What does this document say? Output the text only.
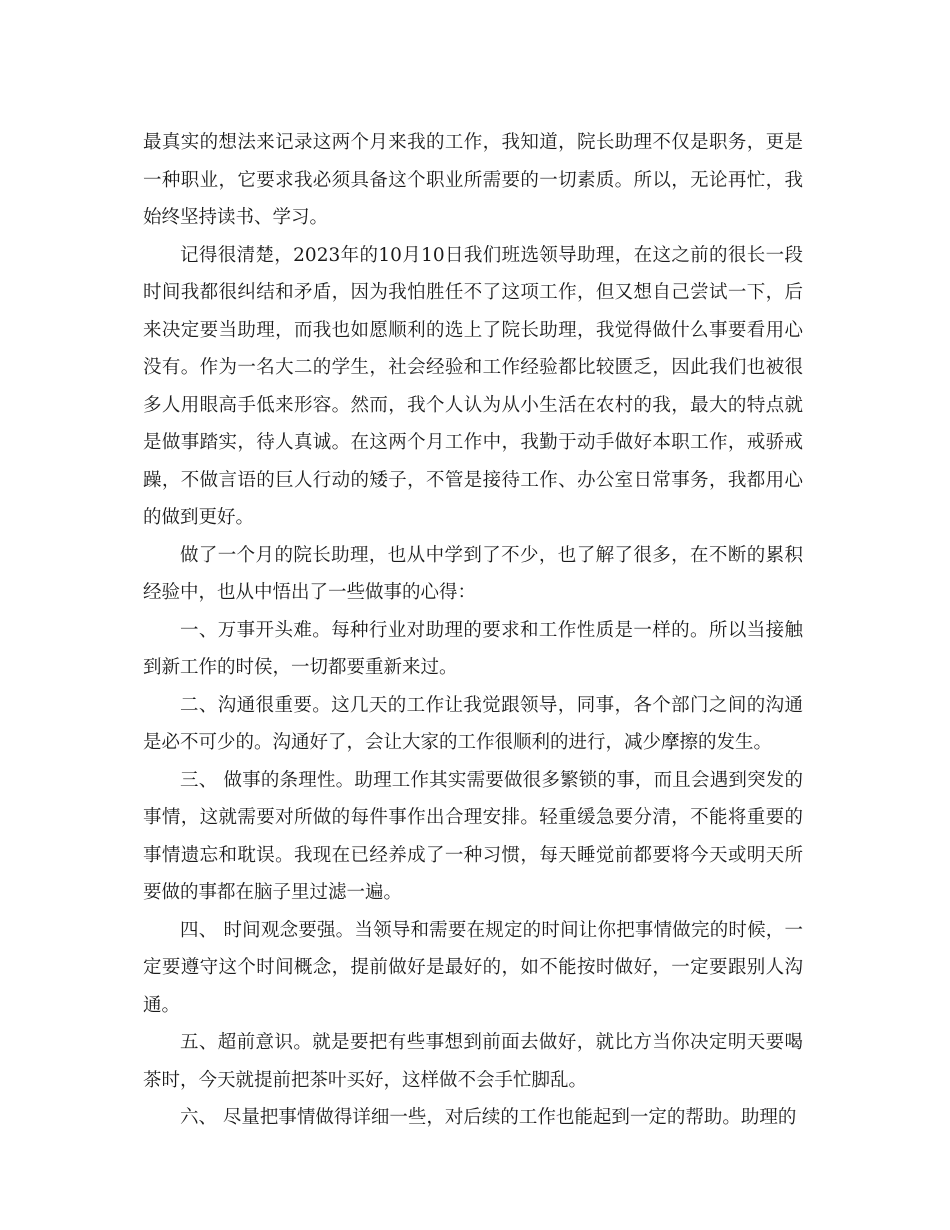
最真实的想法来记录这两个月来我的工作，我知道，院长助理不仅是职务，更是一种职业，它要求我必须具备这个职业所需要的一切素质。所以，无论再忙，我始终坚持读书、学习。

记得很清楚，2023年的10月10日我们班选领导助理，在这之前的很长一段时间我都很纠结和矛盾，因为我怕胜任不了这项工作，但又想自己尝试一下，后来决定要当助理，而我也如愿顺利的选上了院长助理，我觉得做什么事要看用心没有。作为一名大二的学生，社会经验和工作经验都比较匮乏，因此我们也被很多人用眼高手低来形容。然而，我个人认为从小生活在农村的我，最大的特点就是做事踏实，待人真诚。在这两个月工作中，我勤于动手做好本职工作，戒骄戒躁，不做言语的巨人行动的矮子，不管是接待工作、办公室日常事务，我都用心的做到更好。

做了一个月的院长助理，也从中学到了不少，也了解了很多，在不断的累积经验中，也从中悟出了一些做事的心得：

一、万事开头难。每种行业对助理的要求和工作性质是一样的。所以当接触到新工作的时侯，一切都要重新来过。

二、沟通很重要。这几天的工作让我觉跟领导，同事，各个部门之间的沟通是必不可少的。沟通好了，会让大家的工作很顺利的进行，减少摩擦的发生。

三、 做事的条理性。助理工作其实需要做很多繁锁的事，而且会遇到突发的事情，这就需要对所做的每件事作出合理安排。轻重缓急要分清，不能将重要的事情遗忘和耽误。我现在已经养成了一种习惯，每天睡觉前都要将今天或明天所要做的事都在脑子里过滤一遍。

四、 时间观念要强。当领导和需要在规定的时间让你把事情做完的时候，一定要遵守这个时间概念，提前做好是最好的，如不能按时做好，一定要跟别人沟通。

五、超前意识。就是要把有些事想到前面去做好，就比方当你决定明天要喝茶时，今天就提前把茶叶买好，这样做不会手忙脚乱。

六、 尽量把事情做得详细一些，对后续的工作也能起到一定的帮助。助理的
